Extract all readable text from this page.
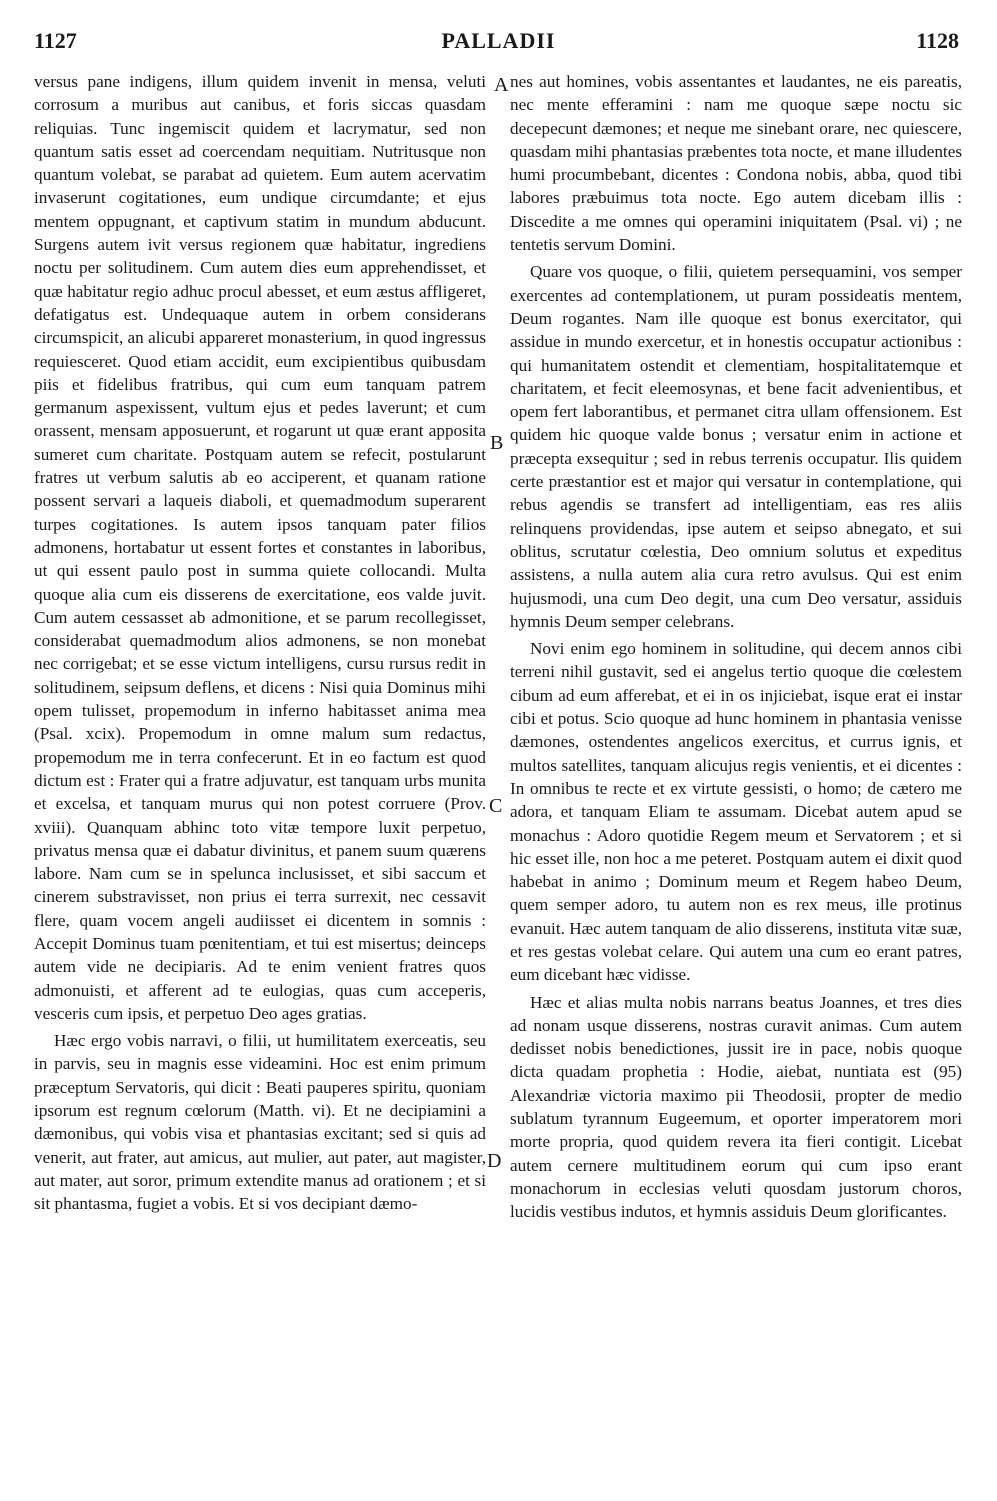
1127	PALLADII	1128

versus pane indigens, illum quidem invenit in mensa, veluti corrosum a muribus aut canibus, et foris siccas quasdam reliquias. Tunc ingemiscit quidem et lacrymatur, sed non quantum satis esset ad coercendam nequitiam. Nutritusque non quantum volebat, se parabat ad quietem. Eum autem acervatim invaserunt cogitationes, eum undique circumdante; et ejus mentem oppugnant, et captivum statim in mundum abducunt. Surgens autem ivit versus regionem quæ habitatur, ingrediens noctu per solitudinem. Cum autem dies eum apprehendisset, et quæ habitatur regio adhuc procul abesset, et eum æstus affligeret, defatigatus est. Undequaque autem in orbem considerans circumspicit, an alicubi appareret monasterium, in quod ingressus requiesceret. Quod etiam accidit, eum excipientibus quibusdam piis et fidelibus fratribus, qui cum eum tanquam patrem germanum aspexissent, vultum ejus et pedes laverunt; et cum orassent, mensam apposuerunt, et rogarunt ut quæ erant apposita sumeret cum charitate. Postquam autem se refecit, postularunt fratres ut verbum salutis ab eo acciperent, et quanam ratione possent servari a laqueis diaboli, et quemadmodum superarent turpes cogitationes. Is autem ipsos tanquam pater filios admonens, hortabatur ut essent fortes et constantes in laboribus, ut qui essent paulo post in summa quiete collocandi. Multa quoque alia cum eis disserens de exercitatione, eos valde juvit. Cum autem cessasset ab admonitione, et se parum recollegisset, considerabat quemadmodum alios admonens, se non monebat nec corrigebat; et se esse victum intelligens, cursu rursus redit in solitudinem, seipsum deflens, et dicens : Nisi quia Dominus mihi opem tulisset, propemodum in inferno habitasset anima mea (Psal. xcix). Propemodum in omne malum sum redactus, propemodum me in terra confecerunt. Et in eo factum est quod dictum est : Frater qui a fratre adjuvatur, est tanquam urbs munita et excelsa, et tanquam murus qui non potest corruere (Prov. xviii). Quanquam abhinc toto vitæ tempore luxit perpetuo, privatus mensa quæ ei dabatur divinitus, et panem suum quærens labore. Nam cum se in spelunca inclusisset, et sibi saccum et cinerem substravisset, non prius ei terra surrexit, nec cessavit flere, quam vocem angeli audiisset ei dicentem in somnis : Accepit Dominus tuam pœnitentiam, et tui est misertus; deinceps autem vide ne decipiaris. Ad te enim venient fratres quos admonuisti, et afferent ad te eulogias, quas cum acceperis, vesceris cum ipsis, et perpetuo Deo ages gratias.

Hæc ergo vobis narravi, o filii, ut humilitatem exerceatis, seu in parvis, seu in magnis esse videamini. Hoc est enim primum præceptum Servatoris, qui dicit : Beati pauperes spiritu, quoniam ipsorum est regnum cœlorum (Matth. vi). Et ne decipiamini a dæmonibus, qui vobis visa et phantasias excitant; sed si quis ad venerit, aut frater, aut amicus, aut mulier, aut pater, aut magister, aut mater, aut soror, primum extendite manus ad orationem ; et si sit phantasma, fugiet a vobis. Et si vos decipiant dæmo-

nes aut homines, vobis assentantes et laudantes, ne eis pareatis, nec mente efferamini : nam me quoque sæpe noctu sic decepecunt dæmones; et neque me sinebant orare, nec quiescere, quasdam mihi phantasias præbentes tota nocte, et mane illudentes humi procumbebant, dicentes : Condona nobis, abba, quod tibi labores præbuimus tota nocte. Ego autem dicebam illis : Discedite a me omnes qui operamini iniquitatem (Psal. vi) ; ne tentetis servum Domini.

Quare vos quoque, o filii, quietem persequamini, vos semper exercentes ad contemplationem, ut puram possideatis mentem, Deum rogantes. Nam ille quoque est bonus exercitator, qui assidue in mundo exercetur, et in honestis occupatur actionibus : qui humanitatem ostendit et clementiam, hospitalitatemque et charitatem, et fecit eleemosynas, et bene facit advenientibus, et opem fert laborantibus, et permanet citra ullam offensionem. Est quidem hic quoque valde bonus ; versatur enim in actione et præcepta exsequitur ; sed in rebus terrenis occupatur. Ilis quidem certe præstantior est et major qui versatur in contemplatione, qui rebus agendis se transfert ad intelligentiam, eas res aliis relinquens providendas, ipse autem et seipso abnegato, et sui oblitus, scrutatur cœlestia, Deo omnium solutus et expeditus assistens, a nulla autem alia cura retro avulsus. Qui est enim hujusmodi, una cum Deo degit, una cum Deo versatur, assiduis hymnis Deum semper celebrans.

Novi enim ego hominem in solitudine, qui decem annos cibi terreni nihil gustavit, sed ei angelus tertio quoque die cœlestem cibum ad eum afferebat, et ei in os injiciebat, isque erat ei instar cibi et potus. Scio quoque ad hunc hominem in phantasia venisse dæmones, ostendentes angelicos exercitus, et currus ignis, et multos satellites, tanquam alicujus regis venientis, et ei dicentes : In omnibus te recte et ex virtute gessisti, o homo; de cætero me adora, et tanquam Eliam te assumam. Dicebat autem apud se monachus : Adoro quotidie Regem meum et Servatorem ; et si hic esset ille, non hoc a me peteret. Postquam autem ei dixit quod habebat in animo ; Dominum meum et Regem habeo Deum, quem semper adoro, tu autem non es rex meus, ille protinus evanuit. Hæc autem tanquam de alio disserens, instituta vitæ suæ, et res gestas volebat celare. Qui autem una cum eo erant patres, eum dicebant hæc vidisse.

Hæc et alias multa nobis narrans beatus Joannes, et tres dies ad nonam usque disserens, nostras curavit animas. Cum autem dedisset nobis benedictiones, jussit ire in pace, nobis quoque dicta quadam prophetia : Hodie, aiebat, nuntiata est (95) Alexandriæ victoria maximo pii Theodosii, propter de medio sublatum tyrannum Eugeemum, et oporter imperatorem mori morte propria, quod quidem revera ita fieri contigit. Licebat autem cernere multitudinem eorum qui cum ipso erant monachorum in ecclesias veluti quosdam justorum choros, lucidis vestibus indutos, et hymnis assiduis Deum glorificantes.

A
B
C
D
